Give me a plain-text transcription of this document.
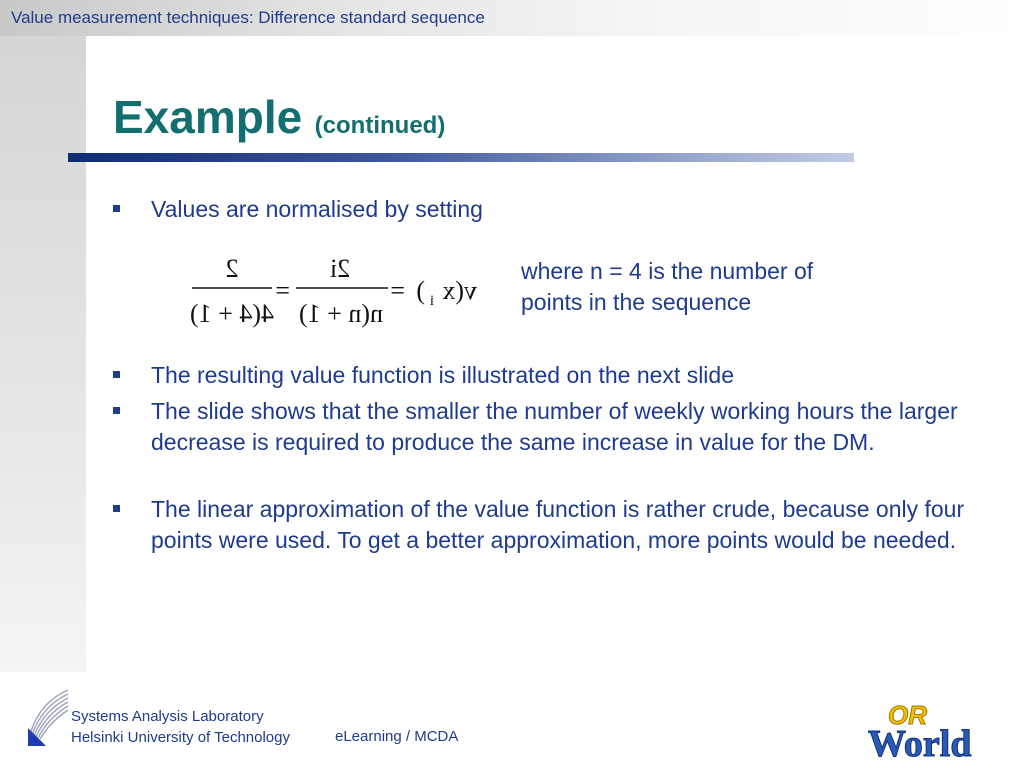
Value measurement techniques: Difference standard sequence
Example (continued)
Values are normalised by setting
v(x
i
)
=
2i
n(n + 1)
=
2
4(4 + 1)
where n = 4 is the number of points in the sequence
The resulting value function is illustrated on the next slide
The slide shows that the smaller the number of weekly working hours the larger decrease is required to produce the same increase in value for the DM.
The linear approximation of the value function is rather crude, because only four points were used. To get a better approximation, more points would be needed.
Systems Analysis Laboratory
Helsinki University of Technology	eLearning / MCDA
OR
World
